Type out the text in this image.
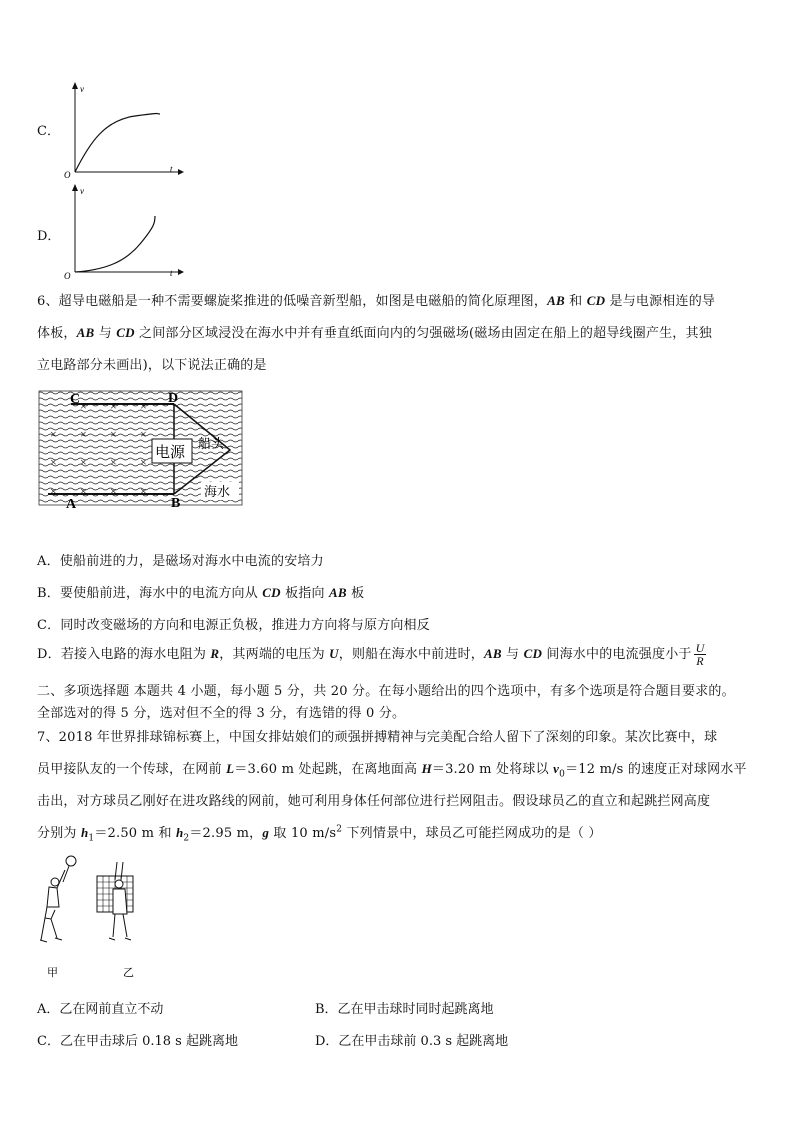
C．
v
t
O
D．
v
t
O
6、超导电磁船是一种不需要螺旋桨推进的低噪音新型船，如图是电磁船的简化原理图，AB 和 CD 是与电源相连的导
体板，AB 与 CD 之间部分区域浸没在海水中并有垂直纸面向内的匀强磁场(磁场由固定在船上的超导线圈产生，其独
立电路部分未画出)，以下说法正确的是
电源
船头
海水
C	D
A	B
× × ×
× × × ×
× × × ×
× × × ×
A．使船前进的力，是磁场对海水中电流的安培力
B．要使船前进，海水中的电流方向从 CD 板指向 AB 板
C．同时改变磁场的方向和电源正负极，推进力方向将与原方向相反
D．若接入电路的海水电阻为 R，其两端的电压为 U，则船在海水中前进时，AB 与 CD 间海水中的电流强度小于 $\frac{U}{R}$
二、多项选择题 本题共 4 小题，每小题 5 分，共 20 分。在每小题给出的四个选项中，有多个选项是符合题目要求的。
全部选对的得 5 分，选对但不全的得 3 分，有选错的得 0 分。
7、2018 年世界排球锦标赛上，中国女排姑娘们的顽强拼搏精神与完美配合给人留下了深刻的印象。某次比赛中，球
员甲接队友的一个传球，在网前 L＝3.60 m 处起跳，在离地面高 H＝3.20 m 处将球以 $v_0=12$ m/s 的速度正对球网水平
击出，对方球员乙刚好在进攻路线的网前，她可利用身体任何部位进行拦网阻击。假设球员乙的直立和起跳拦网高度
分别为 $h_1=2.50$ m 和 $h_2=2.95$ m，g 取 10 $m/s^2$ 下列情景中，球员乙可能拦网成功的是（ ）
甲	乙
A．乙在网前直立不动	B．乙在甲击球时同时起跳离地
C．乙在甲击球后 0.18 s 起跳离地	D．乙在甲击球前 0.3 s 起跳离地
